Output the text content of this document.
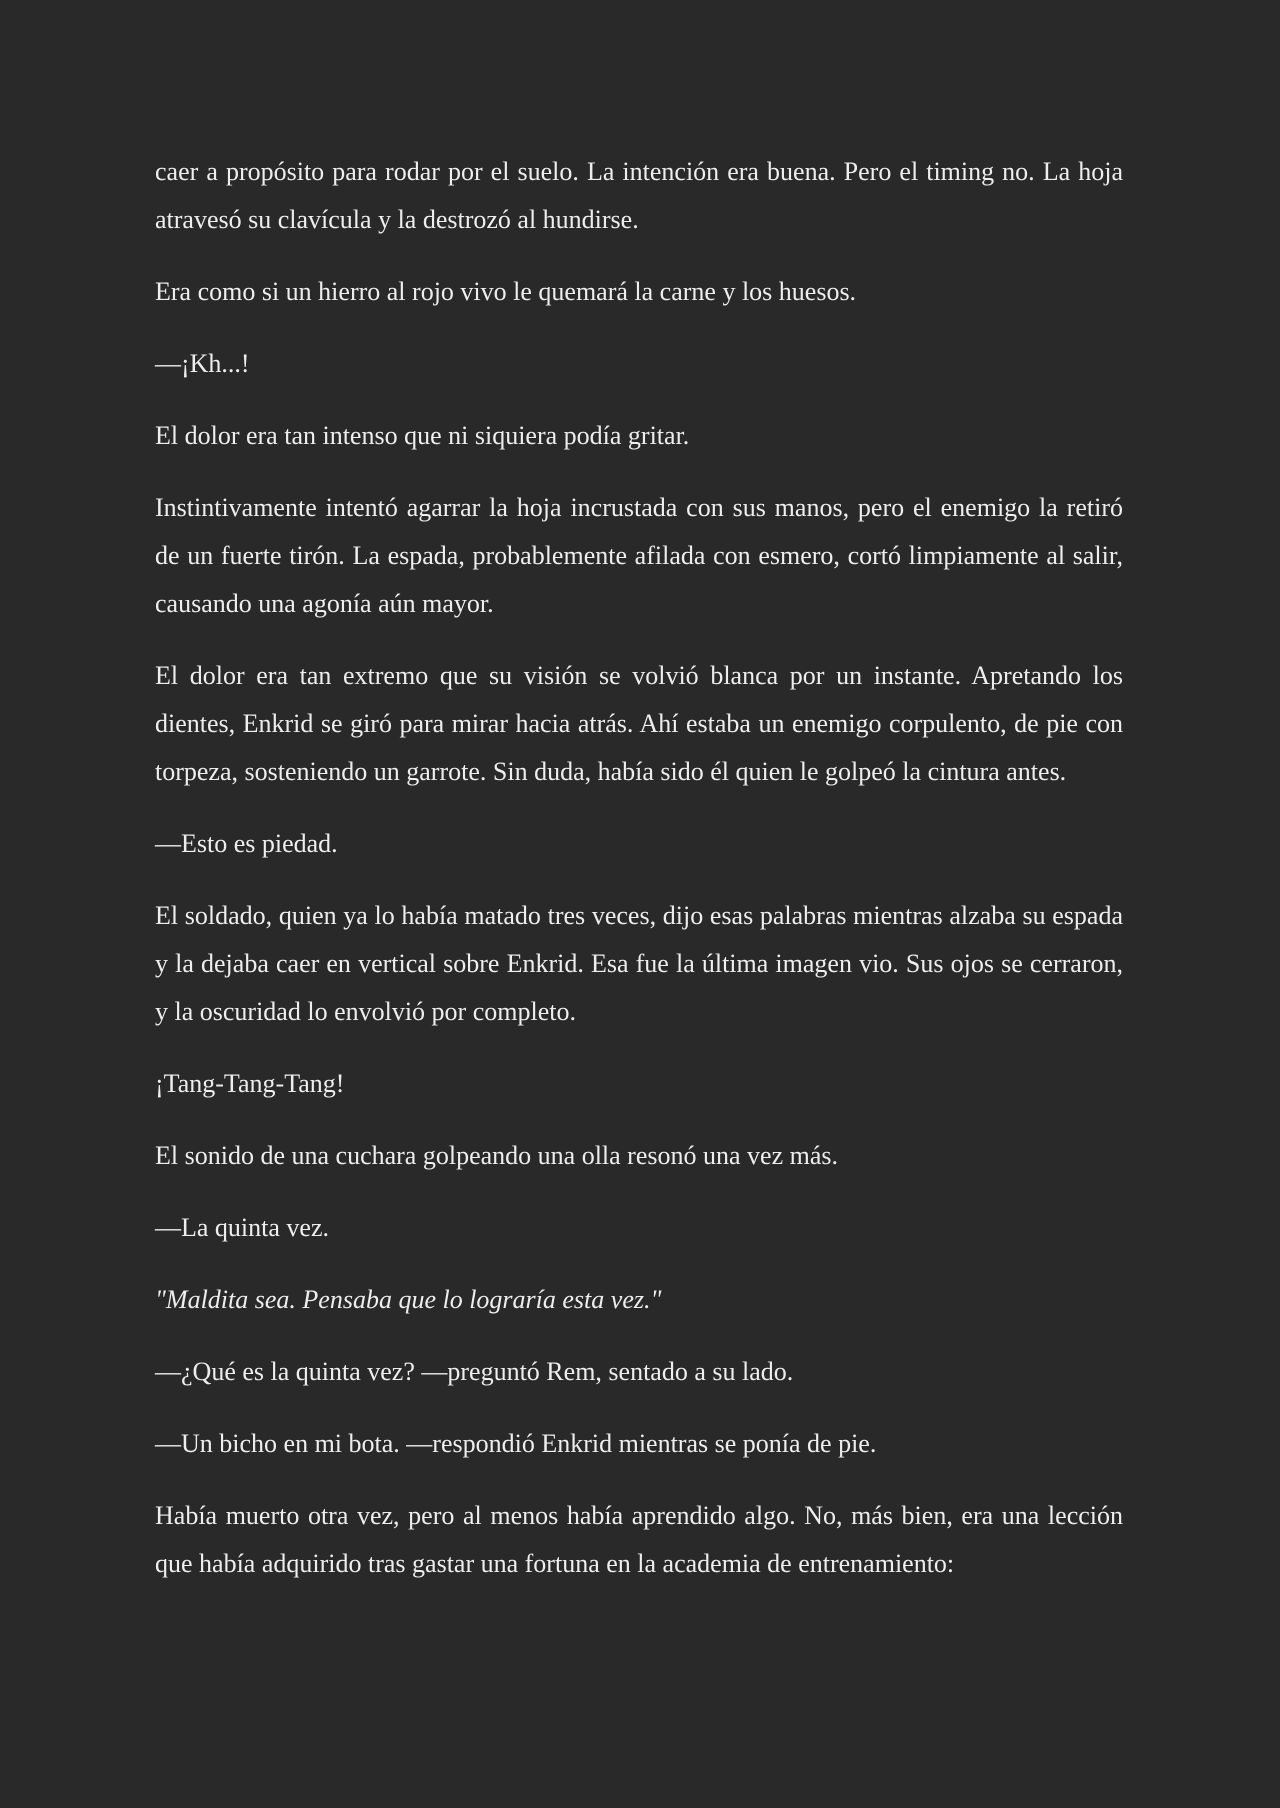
caer a propósito para rodar por el suelo. La intención era buena. Pero el timing no. La hoja atravesó su clavícula y la destrozó al hundirse.

Era como si un hierro al rojo vivo le quemará la carne y los huesos.

—¡Kh...!

El dolor era tan intenso que ni siquiera podía gritar.

Instintivamente intentó agarrar la hoja incrustada con sus manos, pero el enemigo la retiró de un fuerte tirón. La espada, probablemente afilada con esmero, cortó limpiamente al salir, causando una agonía aún mayor.

El dolor era tan extremo que su visión se volvió blanca por un instante. Apretando los dientes, Enkrid se giró para mirar hacia atrás. Ahí estaba un enemigo corpulento, de pie con torpeza, sosteniendo un garrote. Sin duda, había sido él quien le golpeó la cintura antes.

—Esto es piedad.

El soldado, quien ya lo había matado tres veces, dijo esas palabras mientras alzaba su espada y la dejaba caer en vertical sobre Enkrid. Esa fue la última imagen vio. Sus ojos se cerraron, y la oscuridad lo envolvió por completo.

¡Tang-Tang-Tang!

El sonido de una cuchara golpeando una olla resonó una vez más.

—La quinta vez.

"Maldita sea. Pensaba que lo lograría esta vez."

—¿Qué es la quinta vez? —preguntó Rem, sentado a su lado.

—Un bicho en mi bota. —respondió Enkrid mientras se ponía de pie.

Había muerto otra vez, pero al menos había aprendido algo. No, más bien, era una lección que había adquirido tras gastar una fortuna en la academia de entrenamiento:
